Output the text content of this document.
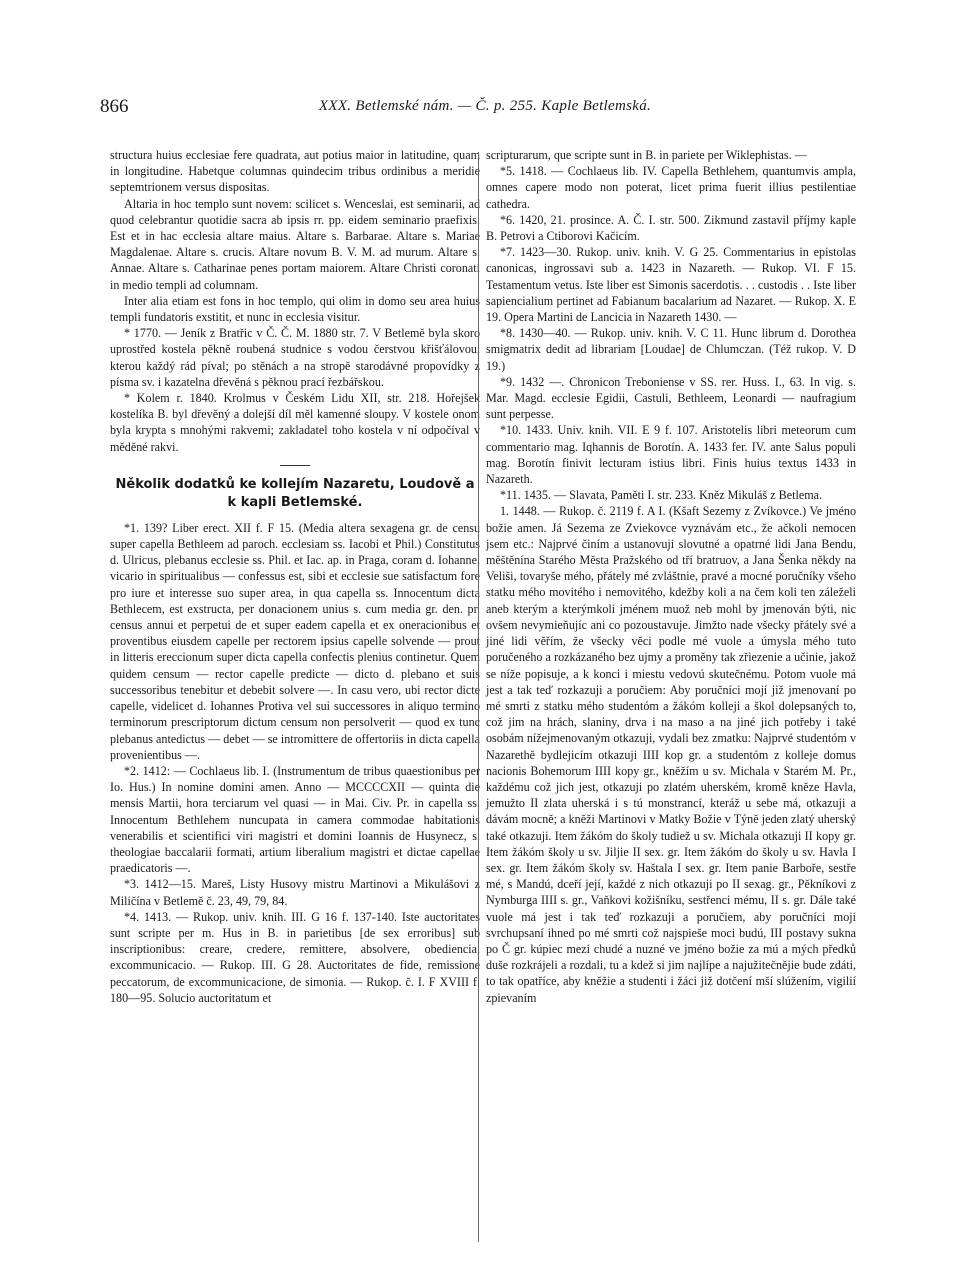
866	XXX. Betlemské nám. — Č. p. 255. Kaple Betlemská.

structura huius ecclesiae fere quadrata, aut potius maior in latitudine, quam in longitudine. Habetque columnas quindecim tribus ordinibus a meridie septemtrionem versus dispositas.

Altaria in hoc templo sunt novem: scilicet s. Wenceslai, est seminarii, ad quod celebrantur quotidie sacra ab ipsis rr. pp. eidem seminario praefixis. Est et in hac ecclesia altare maius. Altare s. Barbarae. Altare s. Mariae Magdalenae. Altare s. crucis. Altare novum B. V. M. ad murum. Altare s. Annae. Altare s. Catharinae penes portam maiorem. Altare Christi coronati in medio templi ad columnam.

Inter alia etiam est fons in hoc templo, qui olim in domo seu area huius templi fundatoris exstitit, et nunc in ecclesia visitur.

* 1770. — Jeník z Bratřic v Č. Č. M. 1880 str. 7. V Betlemě byla skoro uprostřed kostela pěkně roubená studnice s vodou čerstvou křišťálovou, kterou každý rád píval; po stěnách a na stropě starodávné propovídky z písma sv. i kazatelna dřevěná s pěknou prací řezbářskou.

* Kolem r. 1840. Krolmus v Českém Lidu XII, str. 218. Hořejšek kostelíka B. byl dřevěný a dolejší díl měl kamenné sloupy. V kostele onom byla krypta s mnohými rakvemi; zakladatel toho kostela v ní odpočíval v měděné rakvi.

Několik dodatků ke kollejím Nazaretu, Loudově a k kapli Betlemské.

*1. 139? Liber erect. XII f. F 15. (Media altera sexagena gr. de censu super capella Bethleem ad paroch. ecclesiam ss. Iacobi et Phil.) Constitutus d. Ulricus, plebanus ecclesie ss. Phil. et Iac. ap. in Praga, coram d. Iohanne, vicario in spiritualibus — confessus est, sibi et ecclesie sue satisfactum fore pro iure et interesse suo super area, in qua capella ss. Innocentum dicta Bethlecem, est exstructa, per donacionem unius s. cum media gr. den. pr. census annui et perpetui de et super eadem capella et ex oneracionibus et proventibus eiusdem capelle per rectorem ipsius capelle solvende — prout in litteris ereccionum super dicta capella confectis plenius continetur. Quem quidem censum — rector capelle predicte — dicto d. plebano et suis successoribus tenebitur et debebit solvere —. In casu vero, ubi rector dicte capelle, videlicet d. Iohannes Protiva vel sui successores in aliquo termino terminorum prescriptorum dictum censum non persolverit — quod ex tunc plebanus antedictus — debet — se intromittere de offertoriis in dicta capella provenientibus —.

*2. 1412: — Cochlaeus lib. I. (Instrumentum de tribus quaestionibus per Io. Hus.) In nomine domini amen. Anno — MCCCCXII — quinta die mensis Martii, hora terciarum vel quasi — in Mai. Civ. Pr. in capella ss. Innocentum Bethlehem nuncupata in camera commodae habitationis venerabilis et scientifici viri magistri et domini Ioannis de Husynecz, s. theologiae baccalarii formati, artium liberalium magistri et dictae capellae praedicatoris —.

*3. 1412—15. Mareš, Listy Husovy mistru Martinovi a Mikulášovi z Miličína v Betlemě č. 23, 49, 79, 84.

*4. 1413. — Rukop. univ. knih. III. G 16 f. 137-140. Iste auctoritates sunt scripte per m. Hus in B. in parietibus [de sex erroribus] sub inscriptionibus: creare, credere, remittere, absolvere, obediencia, excommunicacio. — Rukop. III. G 28. Auctoritates de fide, remissione peccatorum, de excommunicacione, de simonia. — Rukop. č. I. F XVIII f. 180—95. Solucio auctoritatum et

scripturarum, que scripte sunt in B. in pariete per Wiklephistas. —

*5. 1418. — Cochlaeus lib. IV. Capella Bethlehem, quantumvis ampla, omnes capere modo non poterat, licet prima fuerit illius pestilentiae cathedra.

*6. 1420, 21. prosince. A. Č. I. str. 500. Zikmund zastavil příjmy kaple B. Petrovi a Ctiborovi Kačicím.

*7. 1423—30. Rukop. univ. knih. V. G 25. Commentarius in epistolas canonicas, ingrossavi sub a. 1423 in Nazareth. — Rukop. VI. F 15. Testamentum vetus. Iste liber est Simonis sacerdotis. . . custodis . . Iste liber sapiencialium pertinet ad Fabianum bacalarium ad Nazaret. — Rukop. X. E 19. Opera Martini de Lancicia in Nazareth 1430. —

*8. 1430—40. — Rukop. univ. knih. V. C 11. Hunc librum d. Dorothea smigmatrix dedit ad librariam [Loudae] de Chlumczan. (Též rukop. V. D 19.)

*9. 1432 —. Chronicon Treboniense v SS. rer. Huss. I., 63. In vig. s. Mar. Magd. ecclesie Egidii, Castuli, Bethleem, Leonardi — naufragium sunt perpesse.

*10. 1433. Univ. knih. VII. E 9 f. 107. Aristotelis libri meteorum cum commentario mag. Iqhannis de Borotín. A. 1433 fer. IV. ante Salus populi mag. Borotín finivit lecturam istius libri. Finis huius textus 1433 in Nazareth.

*11. 1435. — Slavata, Paměti I. str. 233. Kněz Mikuláš z Betlema.

1. 1448. — Rukop. č. 2119 f. A I. (Kšaft Sezemy z Zvíkovce.) Ve jméno božie amen. Já Sezema ze Zviekovce vyznávám etc., že ačkoli nemocen jsem etc.: Najprvé činím a ustanovuji slovutné a opatrné lidi Jana Bendu, měštěnína Starého Města Pražského od tří bratruov, a Jana Šenka někdy na Veliši, tovaryše mého, přátely mé zvláštnie, pravé a mocné poručníky všeho statku mého movitého i nemovitého, kdežby koli a na čem koli ten záleželi aneb kterým a kterýmkoli jménem muož neb mohl by jmenován býti, nic ovšem nevymieňujíc ani co pozoustavuje. Jimžto nade všecky přátely své a jiné lidi věřím, že všecky věci podle mé vuole a úmysla mého tuto poručeného a rozkázaného bez ujmy a proměny tak zřiezenie a učinie, jakož se níže popisuje, a k konci i miestu vedovú skutečnému. Potom vuole má jest a tak teď rozkazuji a poručiem: Aby poručníci mojí již jmenovaní po mé smrti z statku mého studentóm a žákóm kolleji a škol dolepsaných to, což jim na hrách, slaniny, drva i na maso a na jiné jich potřeby i také osobám nížejmenovaným otkazuji, vydali bez zmatku: Najprvé studentóm v Nazarethě bydlejicím otkazuji IIII kop gr. a studentóm z kolleje domus nacionis Bohemorum IIII kopy gr., kněžím u sv. Michala v Starém M. Pr., každému což jich jest, otkazuji po zlatém uherském, kromě kněze Havla, jemužto II zlata uherská i s tú monstrancí, kteráž u sebe má, otkazuji a dávám mocně; a kněži Martinovi v Matky Božie v Týně jeden zlatý uherský také otkazuji. Item žákóm do školy tudiež u sv. Michala otkazuji II kopy gr. Item žákóm školy u sv. Jiljie II sex. gr. Item žákóm do školy u sv. Havla I sex. gr. Item žákóm školy sv. Haštala I sex. gr. Item panie Barboře, sestře mé, s Mandú, dceří její, každé z nich otkazuji po II sexag. gr., Pěkníkovi z Nymburga IIII s. gr., Vaňkovi kožišníku, sestřenci mému, II s. gr. Dále také vuole má jest i tak teď rozkazuji a poručiem, aby poručníci moji svrchupsaní ihned po mé smrti což najspieše moci budú, III postavy sukna po Č gr. kúpiec mezi chudé a nuzné ve jméno božie za mú a mých předků duše rozkrájeli a rozdali, tu a kdež si jim najlípe a najužitečnějie bude zdáti, to tak opatříce, aby kněžie a studenti i žáci již dotčení mší slúžením, vigilií zpievaním
